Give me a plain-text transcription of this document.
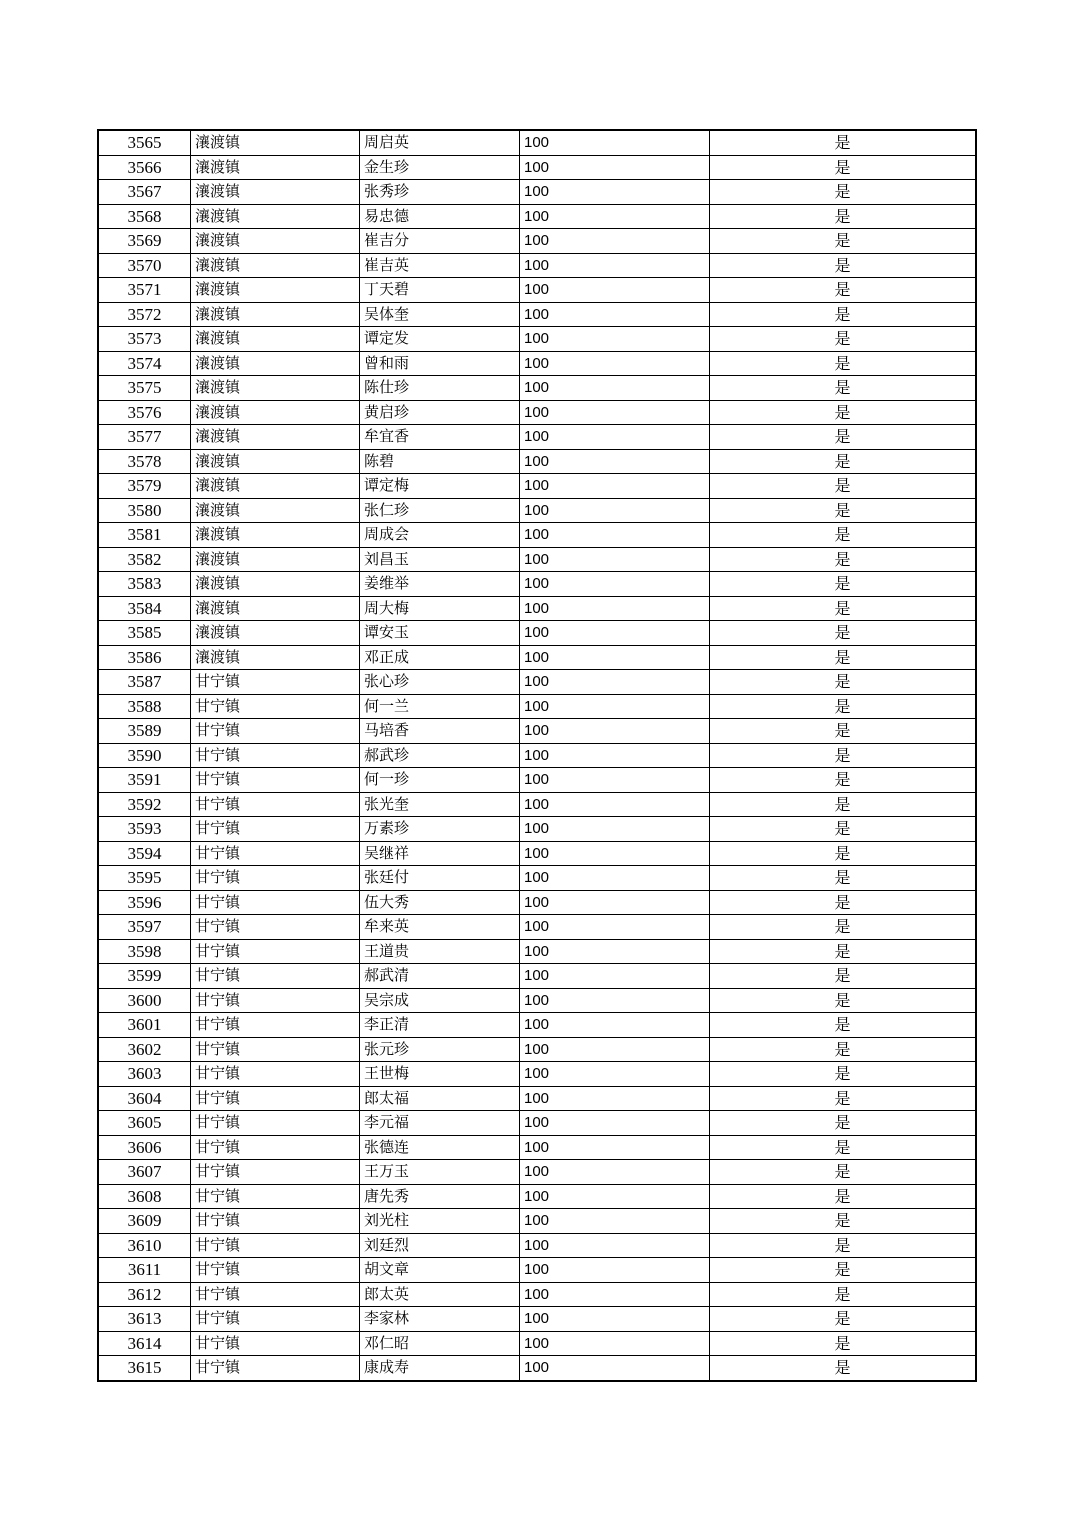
3565	瀼渡镇	周启英	100	是
3566	瀼渡镇	金生珍	100	是
3567	瀼渡镇	张秀珍	100	是
3568	瀼渡镇	易忠德	100	是
3569	瀼渡镇	崔吉分	100	是
3570	瀼渡镇	崔吉英	100	是
3571	瀼渡镇	丁天碧	100	是
3572	瀼渡镇	吴体奎	100	是
3573	瀼渡镇	谭定发	100	是
3574	瀼渡镇	曾和雨	100	是
3575	瀼渡镇	陈仕珍	100	是
3576	瀼渡镇	黄启珍	100	是
3577	瀼渡镇	牟宜香	100	是
3578	瀼渡镇	陈碧	100	是
3579	瀼渡镇	谭定梅	100	是
3580	瀼渡镇	张仁珍	100	是
3581	瀼渡镇	周成会	100	是
3582	瀼渡镇	刘昌玉	100	是
3583	瀼渡镇	姜维举	100	是
3584	瀼渡镇	周大梅	100	是
3585	瀼渡镇	谭安玉	100	是
3586	瀼渡镇	邓正成	100	是
3587	甘宁镇	张心珍	100	是
3588	甘宁镇	何一兰	100	是
3589	甘宁镇	马培香	100	是
3590	甘宁镇	郝武珍	100	是
3591	甘宁镇	何一珍	100	是
3592	甘宁镇	张光奎	100	是
3593	甘宁镇	万素珍	100	是
3594	甘宁镇	吴继祥	100	是
3595	甘宁镇	张廷付	100	是
3596	甘宁镇	伍大秀	100	是
3597	甘宁镇	牟来英	100	是
3598	甘宁镇	王道贵	100	是
3599	甘宁镇	郝武清	100	是
3600	甘宁镇	吴宗成	100	是
3601	甘宁镇	李正清	100	是
3602	甘宁镇	张元珍	100	是
3603	甘宁镇	王世梅	100	是
3604	甘宁镇	郎太福	100	是
3605	甘宁镇	李元福	100	是
3606	甘宁镇	张德连	100	是
3607	甘宁镇	王万玉	100	是
3608	甘宁镇	唐先秀	100	是
3609	甘宁镇	刘光柱	100	是
3610	甘宁镇	刘廷烈	100	是
3611	甘宁镇	胡文章	100	是
3612	甘宁镇	郎太英	100	是
3613	甘宁镇	李家林	100	是
3614	甘宁镇	邓仁昭	100	是
3615	甘宁镇	康成寿	100	是
